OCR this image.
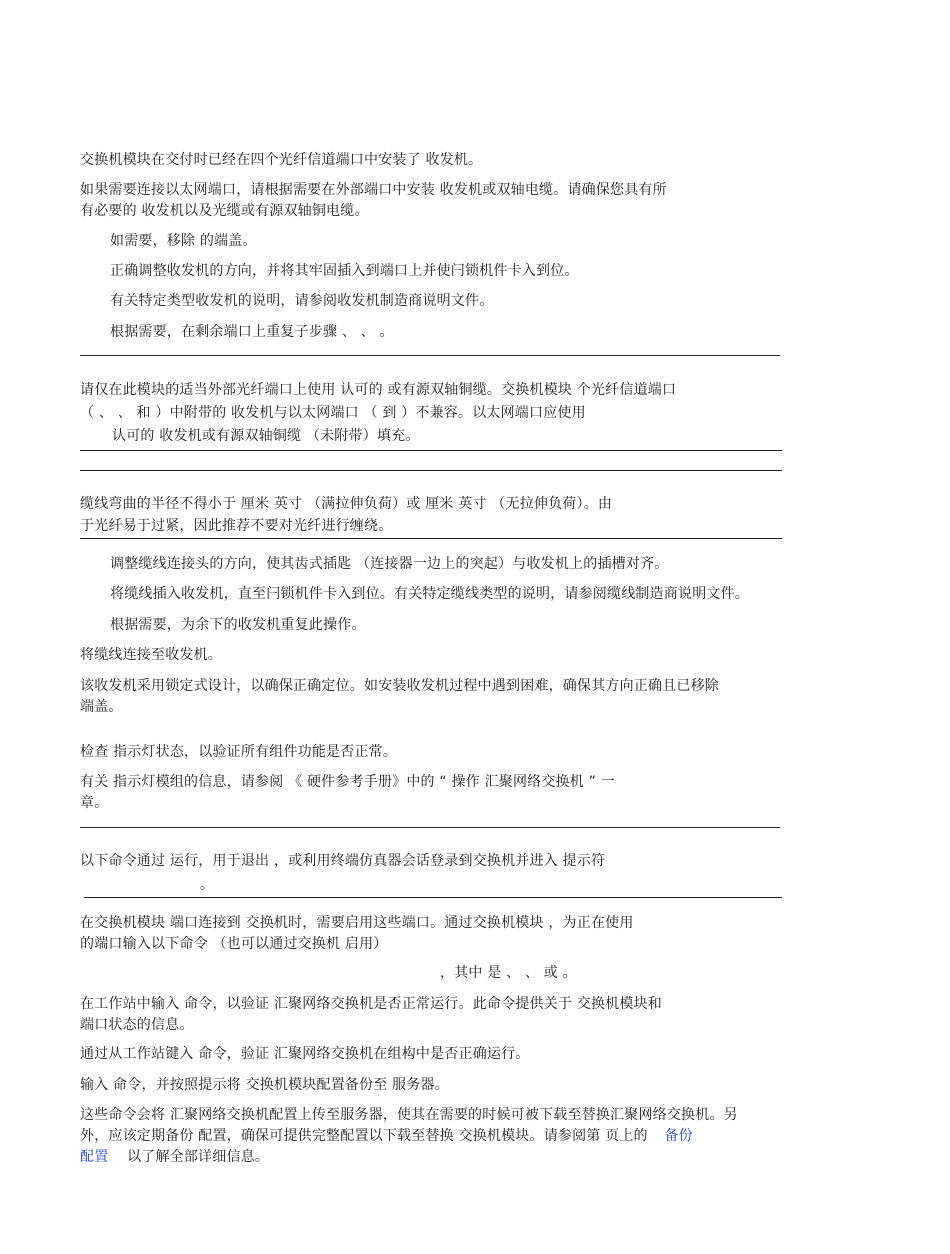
交换机模块在交付时已经在四个光纤信道端口中安装了 收发机。
如果需要连接以太网端口，请根据需要在外部端口中安装 收发机或双轴电缆。请确保您具有所
有必要的 收发机以及光缆或有源双轴铜电缆。
如需要，移除 的端盖。
正确调整收发机的方向，并将其牢固插入到端口上并使闩锁机件卡入到位。
有关特定类型收发机的说明，请参阅收发机制造商说明文件。
根据需要，在剩余端口上重复子步骤 、 、 。
请仅在此模块的适当外部光纤端口上使用 认可的 或有源双轴铜缆。交换机模块 个光纤信道端口
（ 、 、 和 ）中附带的 收发机与以太网端口 （ 到 ）不兼容。以太网端口应使用
认可的 收发机或有源双轴铜缆 （未附带）填充。
缆线弯曲的半径不得小于 厘米 英寸 （满拉伸负荷）或 厘米 英寸 （无拉伸负荷）。由
于光纤易于过紧，因此推荐不要对光纤进行缠绕。
调整缆线连接头的方向，使其齿式插匙 （连接器一边上的突起）与收发机上的插槽对齐。
将缆线插入收发机，直至闩锁机件卡入到位。有关特定缆线类型的说明，请参阅缆线制造商说明文件。
根据需要，为余下的收发机重复此操作。
将缆线连接至收发机。
该收发机采用锁定式设计，以确保正确定位。如安装收发机过程中遇到困难，确保其方向正确且已移除
端盖。
检查 指示灯状态，以验证所有组件功能是否正常。
有关 指示灯模组的信息，请参阅 《 硬件参考手册》中的 “ 操作 汇聚网络交换机 ” 一
章。
以下命令通过 运行，用于退出 ，或利用终端仿真器会话登录到交换机并进入 提示符
。
在交换机模块 端口连接到 交换机时，需要启用这些端口。通过交换机模块 ，为正在使用
的端口输入以下命令 （也可以通过交换机 启用）
，其中 是 、 、 或 。
在工作站中输入 命令，以验证 汇聚网络交换机是否正常运行。此命令提供关于 交换机模块和
端口状态的信息。
通过从工作站键入 命令，验证 汇聚网络交换机在组构中是否正确运行。
输入 命令，并按照提示将 交换机模块配置备份至 服务器。
这些命令会将 汇聚网络交换机配置上传至服务器，使其在需要的时候可被下载至替换汇聚网络交换机。另
外，应该定期备份 配置，确保可提供完整配置以下载至替换 交换机模块。请参阅第 页上的 备份
配置 以了解全部详细信息。
